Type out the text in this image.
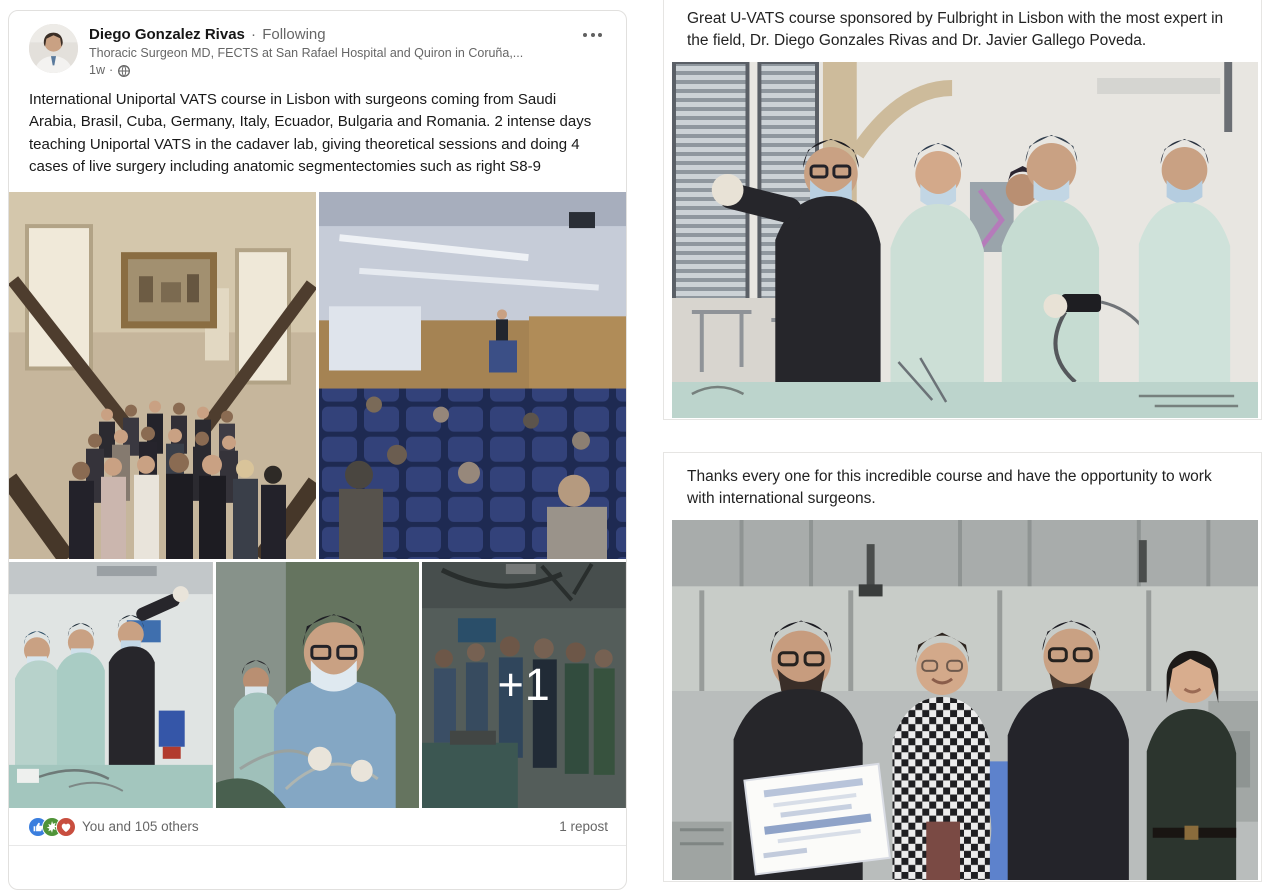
Diego Gonzalez Rivas · Following
Thoracic Surgeon MD, FECTS at San Rafael Hospital and Quiron in Coruña,...
1w ·
International Uniportal VATS course in Lisbon with surgeons coming from Saudi Arabia, Brasil, Cuba, Germany, Italy, Ecuador, Bulgaria and Romania. 2 intense days teaching Uniportal VATS in the cadaver lab, giving theoretical sessions and doing 4 cases of live surgery including anatomic segmentectomies such as right S8-9
+1
You and 105 others	1 repost
Great U-VATS course sponsored by Fulbright in Lisbon with the most expert in the field, Dr. Diego Gonzales Rivas and Dr. Javier Gallego Poveda.
Thanks every one for this incredible course and have the opportunity to work with international surgeons.
